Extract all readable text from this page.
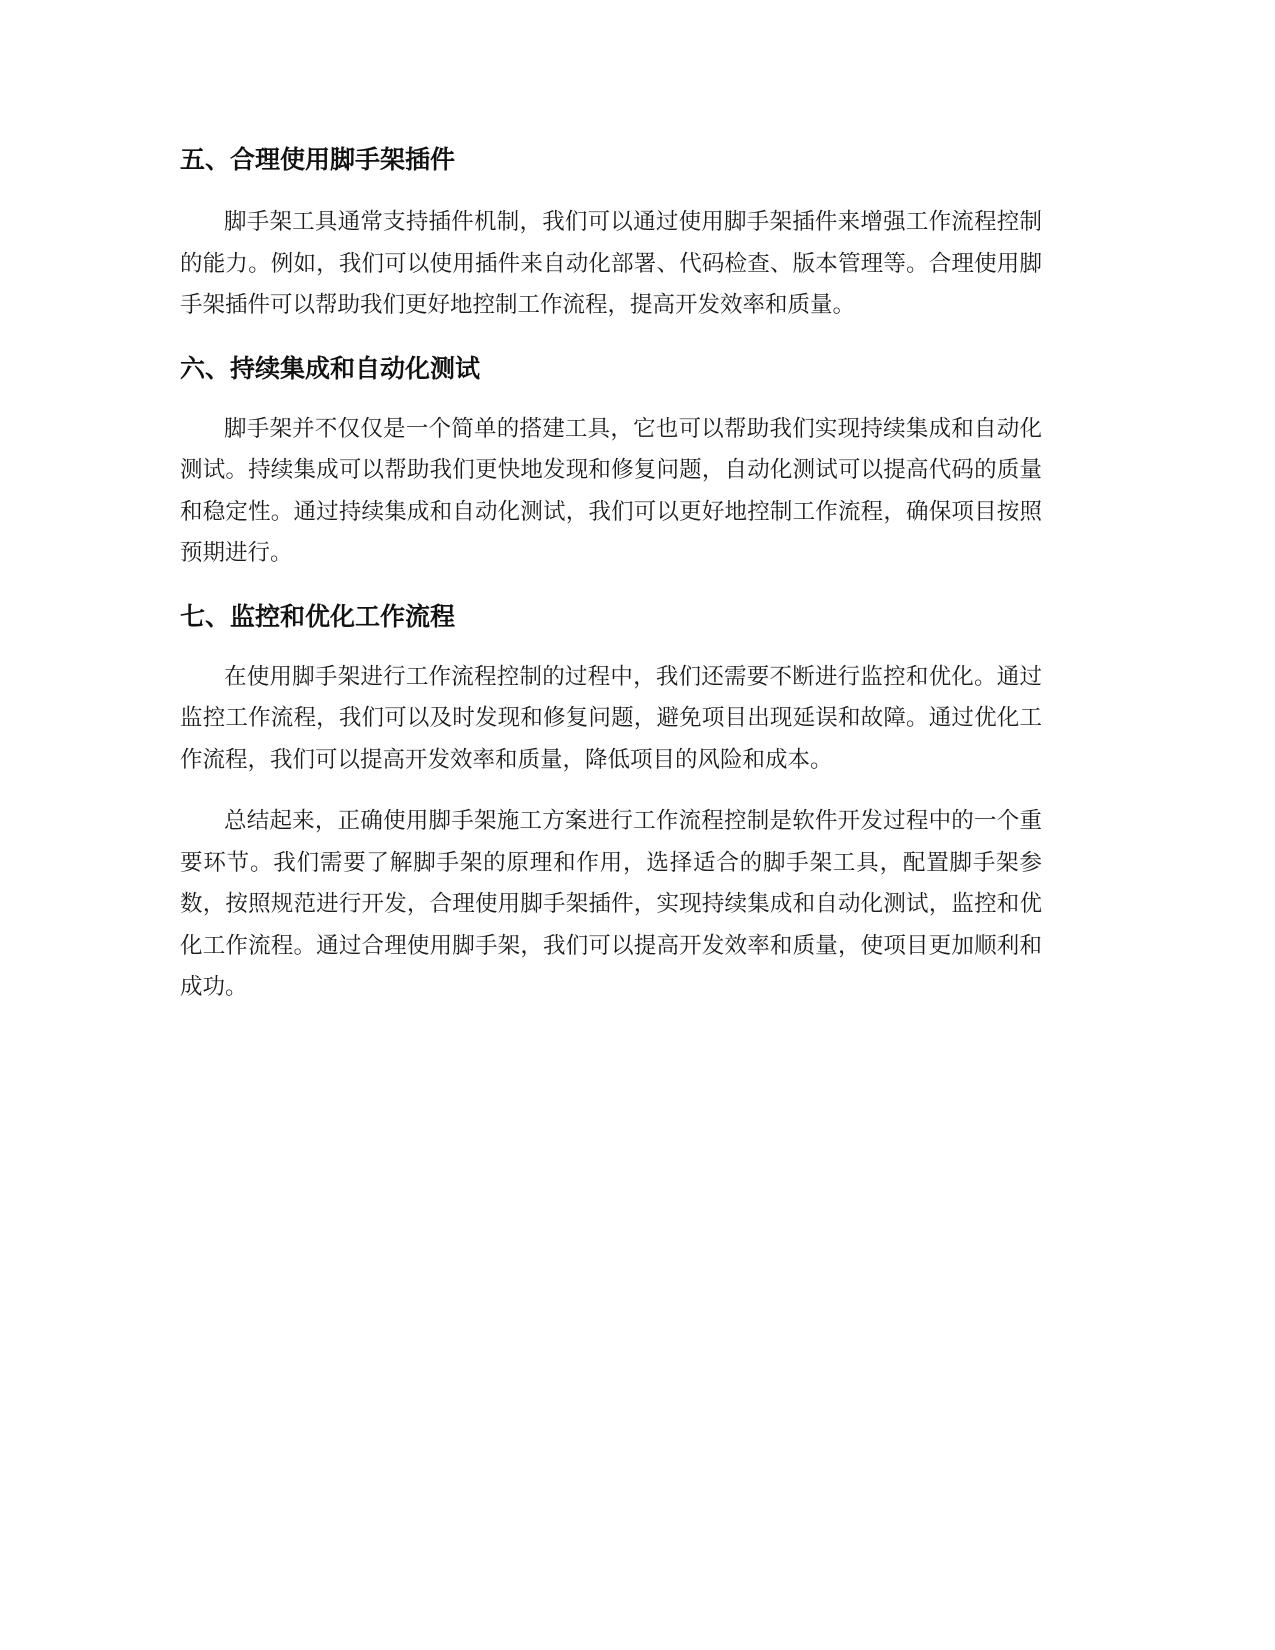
五、合理使用脚手架插件

脚手架工具通常支持插件机制，我们可以通过使用脚手架插件来增强工作流程控制的能力。例如，我们可以使用插件来自动化部署、代码检查、版本管理等。合理使用脚手架插件可以帮助我们更好地控制工作流程，提高开发效率和质量。

六、持续集成和自动化测试

脚手架并不仅仅是一个简单的搭建工具，它也可以帮助我们实现持续集成和自动化测试。持续集成可以帮助我们更快地发现和修复问题，自动化测试可以提高代码的质量和稳定性。通过持续集成和自动化测试，我们可以更好地控制工作流程，确保项目按照预期进行。

七、监控和优化工作流程

在使用脚手架进行工作流程控制的过程中，我们还需要不断进行监控和优化。通过监控工作流程，我们可以及时发现和修复问题，避免项目出现延误和故障。通过优化工作流程，我们可以提高开发效率和质量，降低项目的风险和成本。

总结起来，正确使用脚手架施工方案进行工作流程控制是软件开发过程中的一个重要环节。我们需要了解脚手架的原理和作用，选择适合的脚手架工具，配置脚手架参数，按照规范进行开发，合理使用脚手架插件，实现持续集成和自动化测试，监控和优化工作流程。通过合理使用脚手架，我们可以提高开发效率和质量，使项目更加顺利和成功。
